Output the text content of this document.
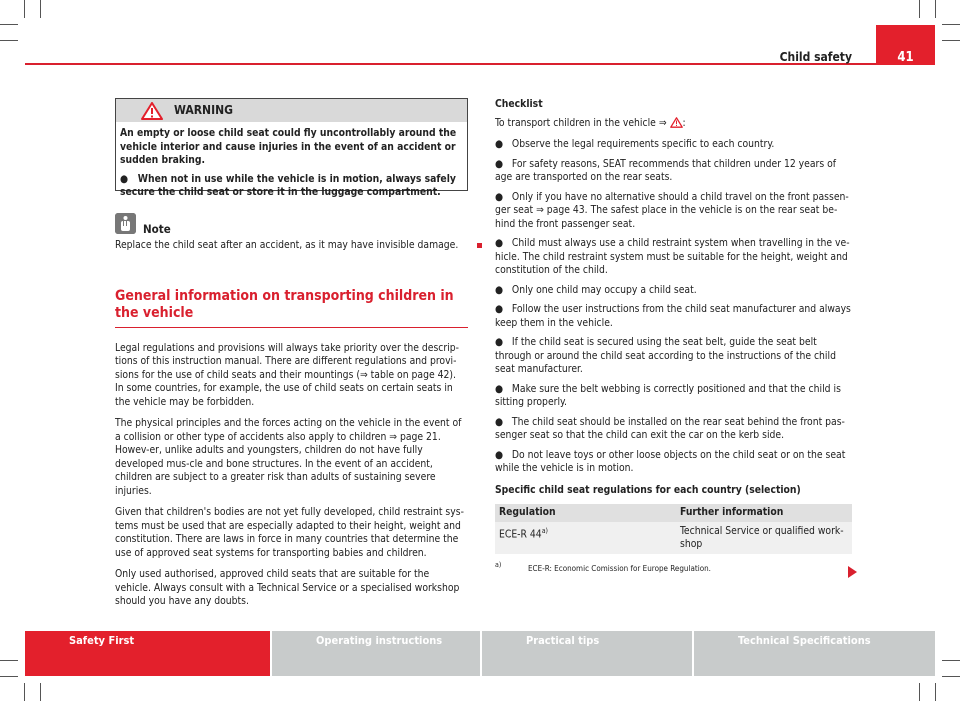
Child safety	41
WARNING

An empty or loose child seat could fly uncontrollably around the vehicle interior and cause injuries in the event of an accident or sudden braking.

● When not in use while the vehicle is in motion, always safely secure the child seat or store it in the luggage compartment.

Note
Replace the child seat after an accident, as it may have invisible damage.
General information on transporting children in the vehicle
Legal regulations and provisions will always take priority over the descrip-tions of this instruction manual. There are different regulations and provi-sions for the use of child seats and their mountings (⇒ table on page 42).
In some countries, for example, the use of child seats on certain seats in the vehicle may be forbidden.
The physical principles and the forces acting on the vehicle in the event of a collision or other type of accidents also apply to children ⇒ page 21. Howev-er, unlike adults and youngsters, children do not have fully developed mus-cle and bone structures. In the event of an accident, children are subject to a greater risk than adults of sustaining severe injuries.
Given that children's bodies are not yet fully developed, child restraint sys-tems must be used that are especially adapted to their height, weight and constitution. There are laws in force in many countries that determine the use of approved seat systems for transporting babies and children.
Only used authorised, approved child seats that are suitable for the vehicle. Always consult with a Technical Service or a specialised workshop should you have any doubts.
Checklist
To transport children in the vehicle ⇒ :
● Observe the legal requirements specific to each country.
● For safety reasons, SEAT recommends that children under 12 years of age are transported on the rear seats.
● Only if you have no alternative should a child travel on the front passen-ger seat ⇒ page 43. The safest place in the vehicle is on the rear seat be-hind the front passenger seat.
● Child must always use a child restraint system when travelling in the ve-hicle. The child restraint system must be suitable for the height, weight and constitution of the child.
● Only one child may occupy a child seat.
● Follow the user instructions from the child seat manufacturer and always keep them in the vehicle.
● If the child seat is secured using the seat belt, guide the seat belt through or around the child seat according to the instructions of the child seat manufacturer.
● Make sure the belt webbing is correctly positioned and that the child is sitting properly.
● The child seat should be installed on the rear seat behind the front pas-senger seat so that the child can exit the car on the kerb side.
● Do not leave toys or other loose objects on the child seat or on the seat while the vehicle is in motion.
Specific child seat regulations for each country (selection)
Regulation	Further information
ECE-R 44$^{a)}$	Technical Service or qualified work-shop
a)	ECE-R: Economic Comission for Europe Regulation.
Safety First	Operating instructions	Practical tips	Technical Specifications
